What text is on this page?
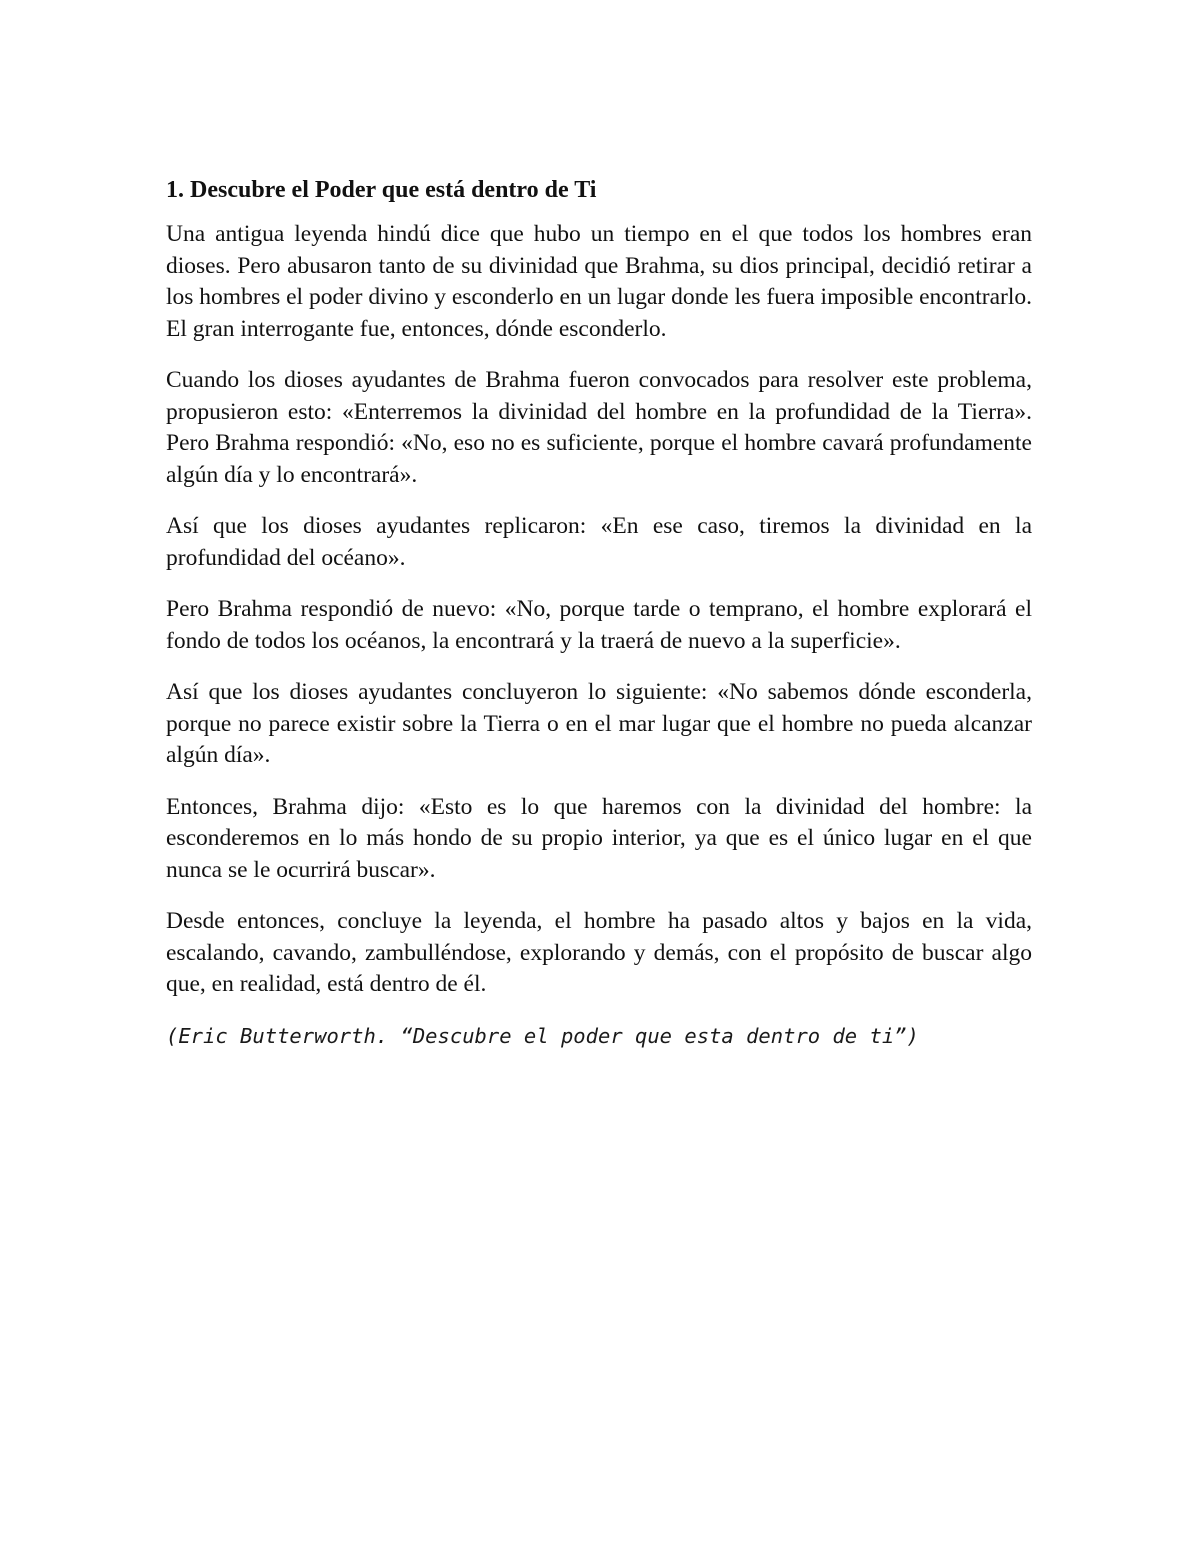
1. Descubre el Poder que está dentro de Ti

Una antigua leyenda hindú dice que hubo un tiempo en el que todos los hombres eran dioses. Pero abusaron tanto de su divinidad que Brahma, su dios principal, decidió retirar a los hombres el poder divino y esconderlo en un lugar donde les fuera imposible encontrarlo. El gran interrogante fue, entonces, dónde esconderlo.

Cuando los dioses ayudantes de Brahma fueron convocados para resolver este problema, propusieron esto: «Enterremos la divinidad del hombre en la profundidad de la Tierra». Pero Brahma respondió: «No, eso no es suficiente, porque el hombre cavará profundamente algún día y lo encontrará».

Así que los dioses ayudantes replicaron: «En ese caso, tiremos la divinidad en la profundidad del océano».

Pero Brahma respondió de nuevo: «No, porque tarde o temprano, el hombre explorará el fondo de todos los océanos, la encontrará y la traerá de nuevo a la superficie».

Así que los dioses ayudantes concluyeron lo siguiente: «No sabemos dónde esconderla, porque no parece existir sobre la Tierra o en el mar lugar que el hombre no pueda alcanzar algún día».

Entonces, Brahma dijo: «Esto es lo que haremos con la divinidad del hombre: la esconderemos en lo más hondo de su propio interior, ya que es el único lugar en el que nunca se le ocurrirá buscar».

Desde entonces, concluye la leyenda, el hombre ha pasado altos y bajos en la vida, escalando, cavando, zambulléndose, explorando y demás, con el propósito de buscar algo que, en realidad, está dentro de él.

(Eric Butterworth. “Descubre el poder que esta dentro de ti”)
